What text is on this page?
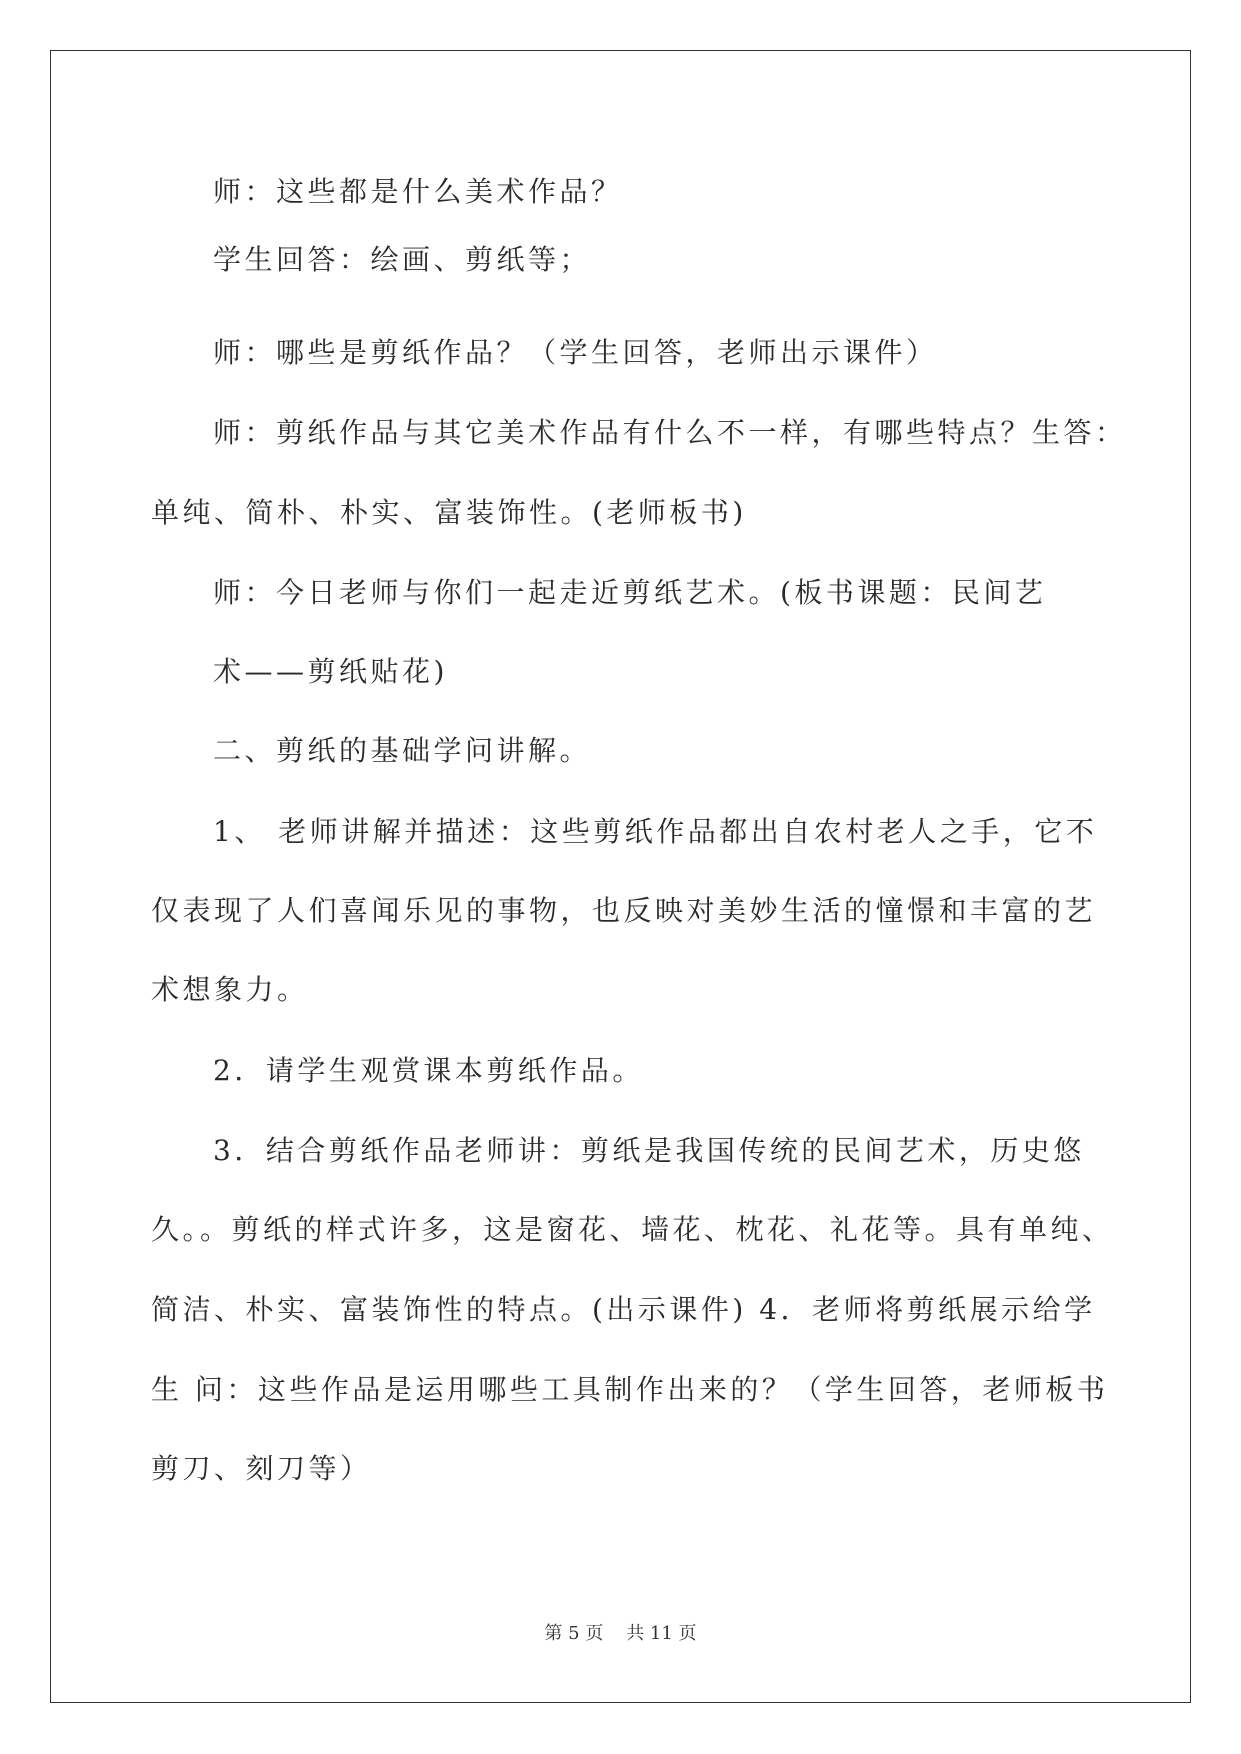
师：这些都是什么美术作品？
学生回答：绘画、剪纸等；
师：哪些是剪纸作品？（学生回答，老师出示课件）
师：剪纸作品与其它美术作品有什么不一样，有哪些特点？生答：
单纯、简朴、朴实、富装饰性。(老师板书)
师：今日老师与你们一起走近剪纸艺术。(板书课题：民间艺
术——剪纸贴花)
二、剪纸的基础学问讲解。
1、 老师讲解并描述：这些剪纸作品都出自农村老人之手，它不
仅表现了人们喜闻乐见的事物，也反映对美妙生活的憧憬和丰富的艺
术想象力。
2．请学生观赏课本剪纸作品。
3．结合剪纸作品老师讲：剪纸是我国传统的民间艺术，历史悠
久。。剪纸的样式许多，这是窗花、墙花、枕花、礼花等。具有单纯、
简洁、朴实、富装饰性的特点。(出示课件) 4．老师将剪纸展示给学
生 问：这些作品是运用哪些工具制作出来的？（学生回答，老师板书
剪刀、刻刀等）
第 5 页    共 11 页
